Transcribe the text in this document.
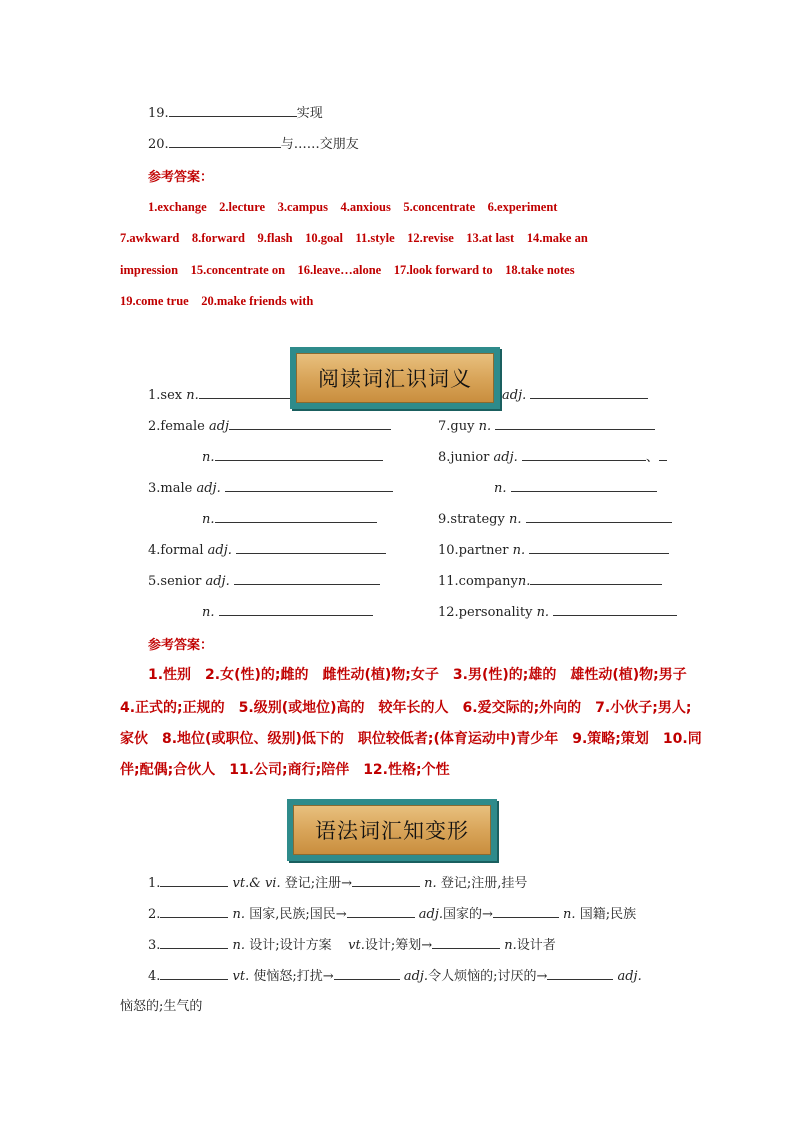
19.	实现
20.	与……交朋友
参考答案：
1.exchange　2.lecture　3.campus　4.anxious　5.concentrate　6.experiment
7.awkward　8.forward　9.flash　10.goal　11.style　12.revise　13.at last　14.make an
impression　15.concentrate on　16.leave…alone　17.look forward to　18.take notes
19.come true　20.make friends with
1.sex n.	adj.
阅读词汇识词义
2.female adj	7.guy n.
n.	8.junior adj.	、
3.male adj.	n.
n.	9.strategy n.
4.formal adj.	10.partner n.
5.senior adj.	11.companyn.
n.	12.personality n.
参考答案：
1.性别　2.女(性)的;雌的　雌性动(植)物;女子　3.男(性)的;雄的　雄性动(植)物;男子
4.正式的;正规的　5.级别(或地位)高的　较年长的人　6.爱交际的;外向的　7.小伙子;男人;
家伙　8.地位(或职位、级别)低下的　职位较低者;(体育运动中)青少年　9.策略;策划　10.同
伴;配偶;合伙人　11.公司;商行;陪伴　12.性格;个性
语法词汇知变形
1.	vt.& vi. 登记;注册→	n. 登记;注册,挂号
2.	n. 国家,民族;国民→	adj.国家的→	n. 国籍;民族
3.	n. 设计;设计方案 vt.设计;筹划→	n.设计者
4.	vt. 使恼怒;打扰→	adj.令人烦恼的;讨厌的→	adj.
恼怒的;生气的
